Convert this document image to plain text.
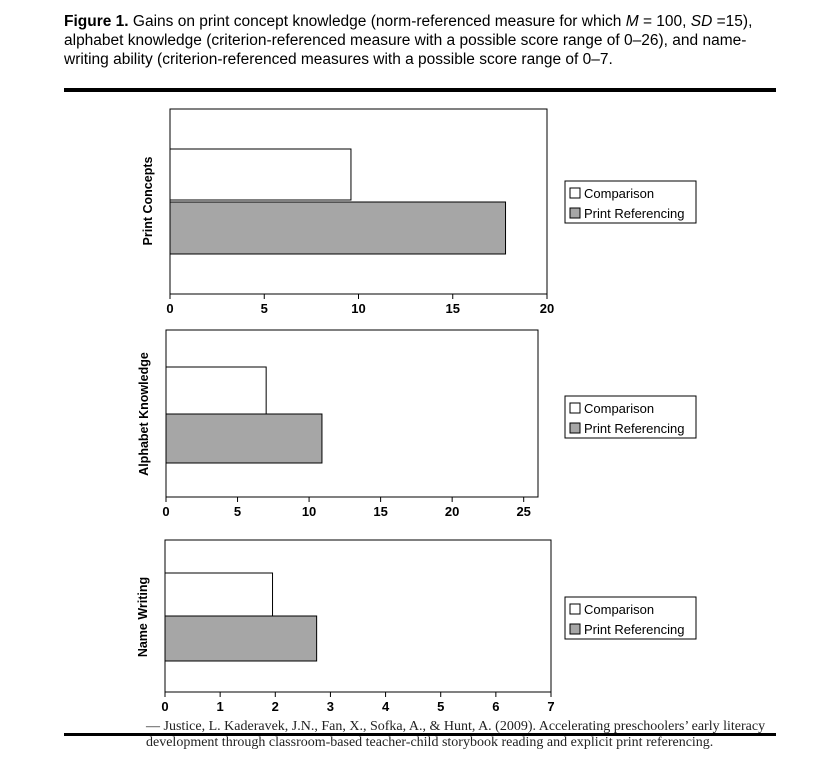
Figure 1. Gains on print concept knowledge (norm-referenced measure for which M = 100, SD =15), alphabet knowledge (criterion-referenced measure with a possible score range of 0–26), and name-writing ability (criterion-referenced measures with a possible score range of 0–7.
0	5	10	15	20
Print Concepts	Comparison
Print Referencing
0	5	10	15	20	25
Alphabet Knowledge	Comparison
Print Referencing
0	1	2	3	4	5	6	7
Name Writing	Comparison
Print Referencing
— Justice, L. Kaderavek, J.N., Fan, X., Sofka, A., & Hunt, A. (2009). Accelerating preschoolers’ early literacy development through classroom-based teacher-child storybook reading and explicit print referencing.
